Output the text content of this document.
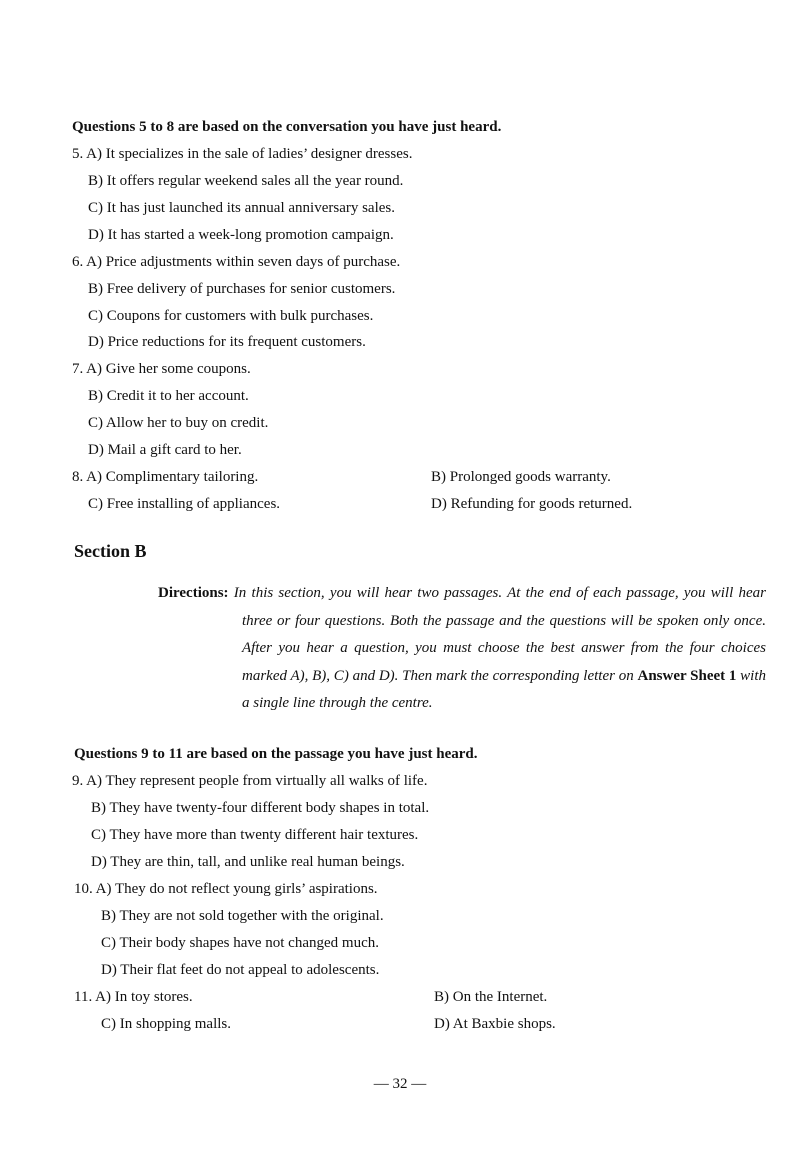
Questions 5 to 8 are based on the conversation you have just heard.
5. A) It specializes in the sale of ladies’ designer dresses.
B) It offers regular weekend sales all the year round.
C) It has just launched its annual anniversary sales.
D) It has started a week-long promotion campaign.
6. A) Price adjustments within seven days of purchase.
B) Free delivery of purchases for senior customers.
C) Coupons for customers with bulk purchases.
D) Price reductions for its frequent customers.
7. A) Give her some coupons.
B) Credit it to her account.
C) Allow her to buy on credit.
D) Mail a gift card to her.
8. A) Complimentary tailoring.	B) Prolonged goods warranty.
C) Free installing of appliances.	D) Refunding for goods returned.
Section B
Directions: In this section, you will hear two passages. At the end of each passage, you will hear three or four questions. Both the passage and the questions will be spoken only once. After you hear a question, you must choose the best answer from the four choices marked A), B), C) and D). Then mark the corresponding letter on Answer Sheet 1 with a single line through the centre.
Questions 9 to 11 are based on the passage you have just heard.
9. A) They represent people from virtually all walks of life.
B) They have twenty-four different body shapes in total.
C) They have more than twenty different hair textures.
D) They are thin, tall, and unlike real human beings.
10. A) They do not reflect young girls’ aspirations.
B) They are not sold together with the original.
C) Their body shapes have not changed much.
D) Their flat feet do not appeal to adolescents.
11. A) In toy stores.	B) On the Internet.
C) In shopping malls.	D) At Baxbie shops.
— 32 —
